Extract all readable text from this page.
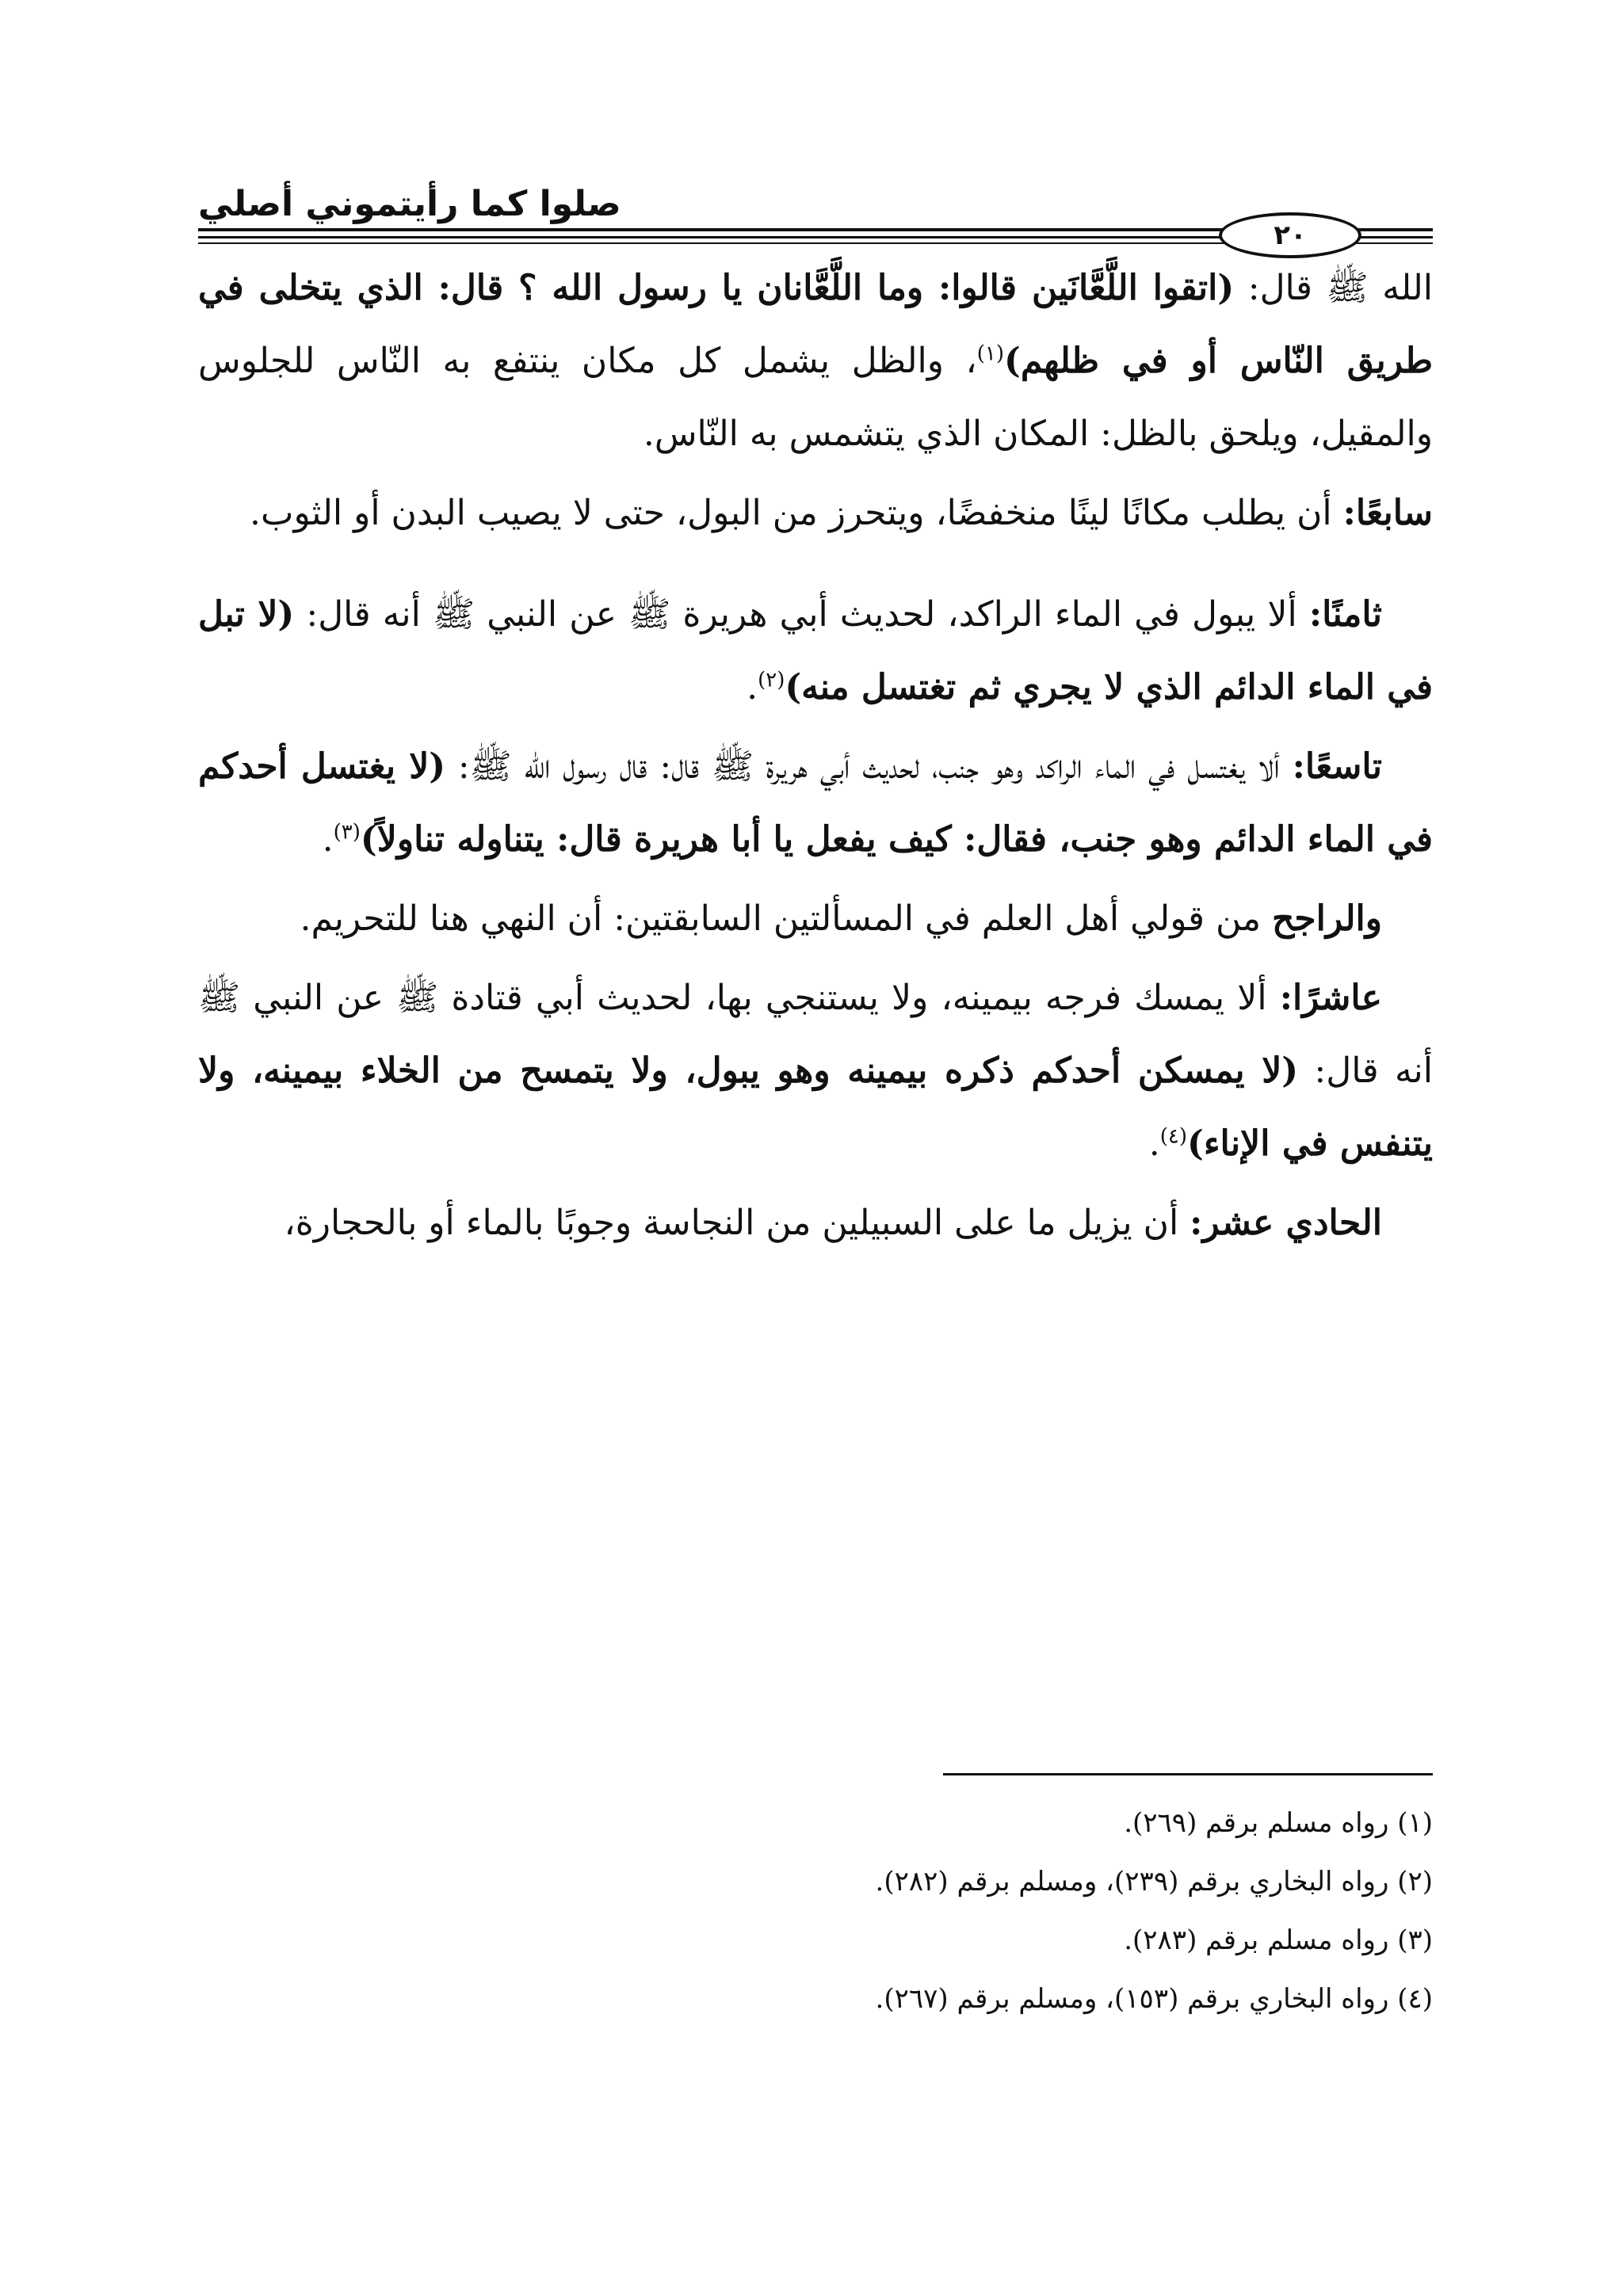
صلوا كما رأيتموني أصلي
٢٠

الله ﷺ قال: (اتقوا اللَّعَّانَين قالوا: وما اللَّعَّانان يا رسول الله ؟ قال: الذي يتخلى في طريق النّاس أو في ظلهم)$^{(١)}$، والظل يشمل كل مكان ينتفع به النّاس للجلوس والمقيل، ويلحق بالظل: المكان الذي يتشمس به النّاس.

سابعًا: أن يطلب مكانًا لينًا منخفضًا، ويتحرز من البول، حتى لا يصيب البدن أو الثوب.

ثامنًا: ألا يبول في الماء الراكد، لحديث أبي هريرة ﷺ عن النبي ﷺ أنه قال: (لا تبل في الماء الدائم الذي لا يجري ثم تغتسل منه)$^{(٢)}$.

تاسعًا: ألا يغتسل في الماء الراكد وهو جنب، لحديث أبي هريرة ﷺ قال: قال رسول الله ﷺ: (لا يغتسل أحدكم في الماء الدائم وهو جنب، فقال: كيف يفعل يا أبا هريرة قال: يتناوله تناولاً)$^{(٣)}$.

والراجح من قولي أهل العلم في المسألتين السابقتين: أن النهي هنا للتحريم.

عاشرًا: ألا يمسك فرجه بيمينه، ولا يستنجي بها، لحديث أبي قتادة ﷺ عن النبي ﷺ أنه قال: (لا يمسكن أحدكم ذكره بيمينه وهو يبول، ولا يتمسح من الخلاء بيمينه، ولا يتنفس في الإناء)$^{(٤)}$.

الحادي عشر: أن يزيل ما على السبيلين من النجاسة وجوبًا بالماء أو بالحجارة،

(١) رواه مسلم برقم (٢٦٩).
(٢) رواه البخاري برقم (٢٣٩)، ومسلم برقم (٢٨٢).
(٣) رواه مسلم برقم (٢٨٣).
(٤) رواه البخاري برقم (١٥٣)، ومسلم برقم (٢٦٧).
